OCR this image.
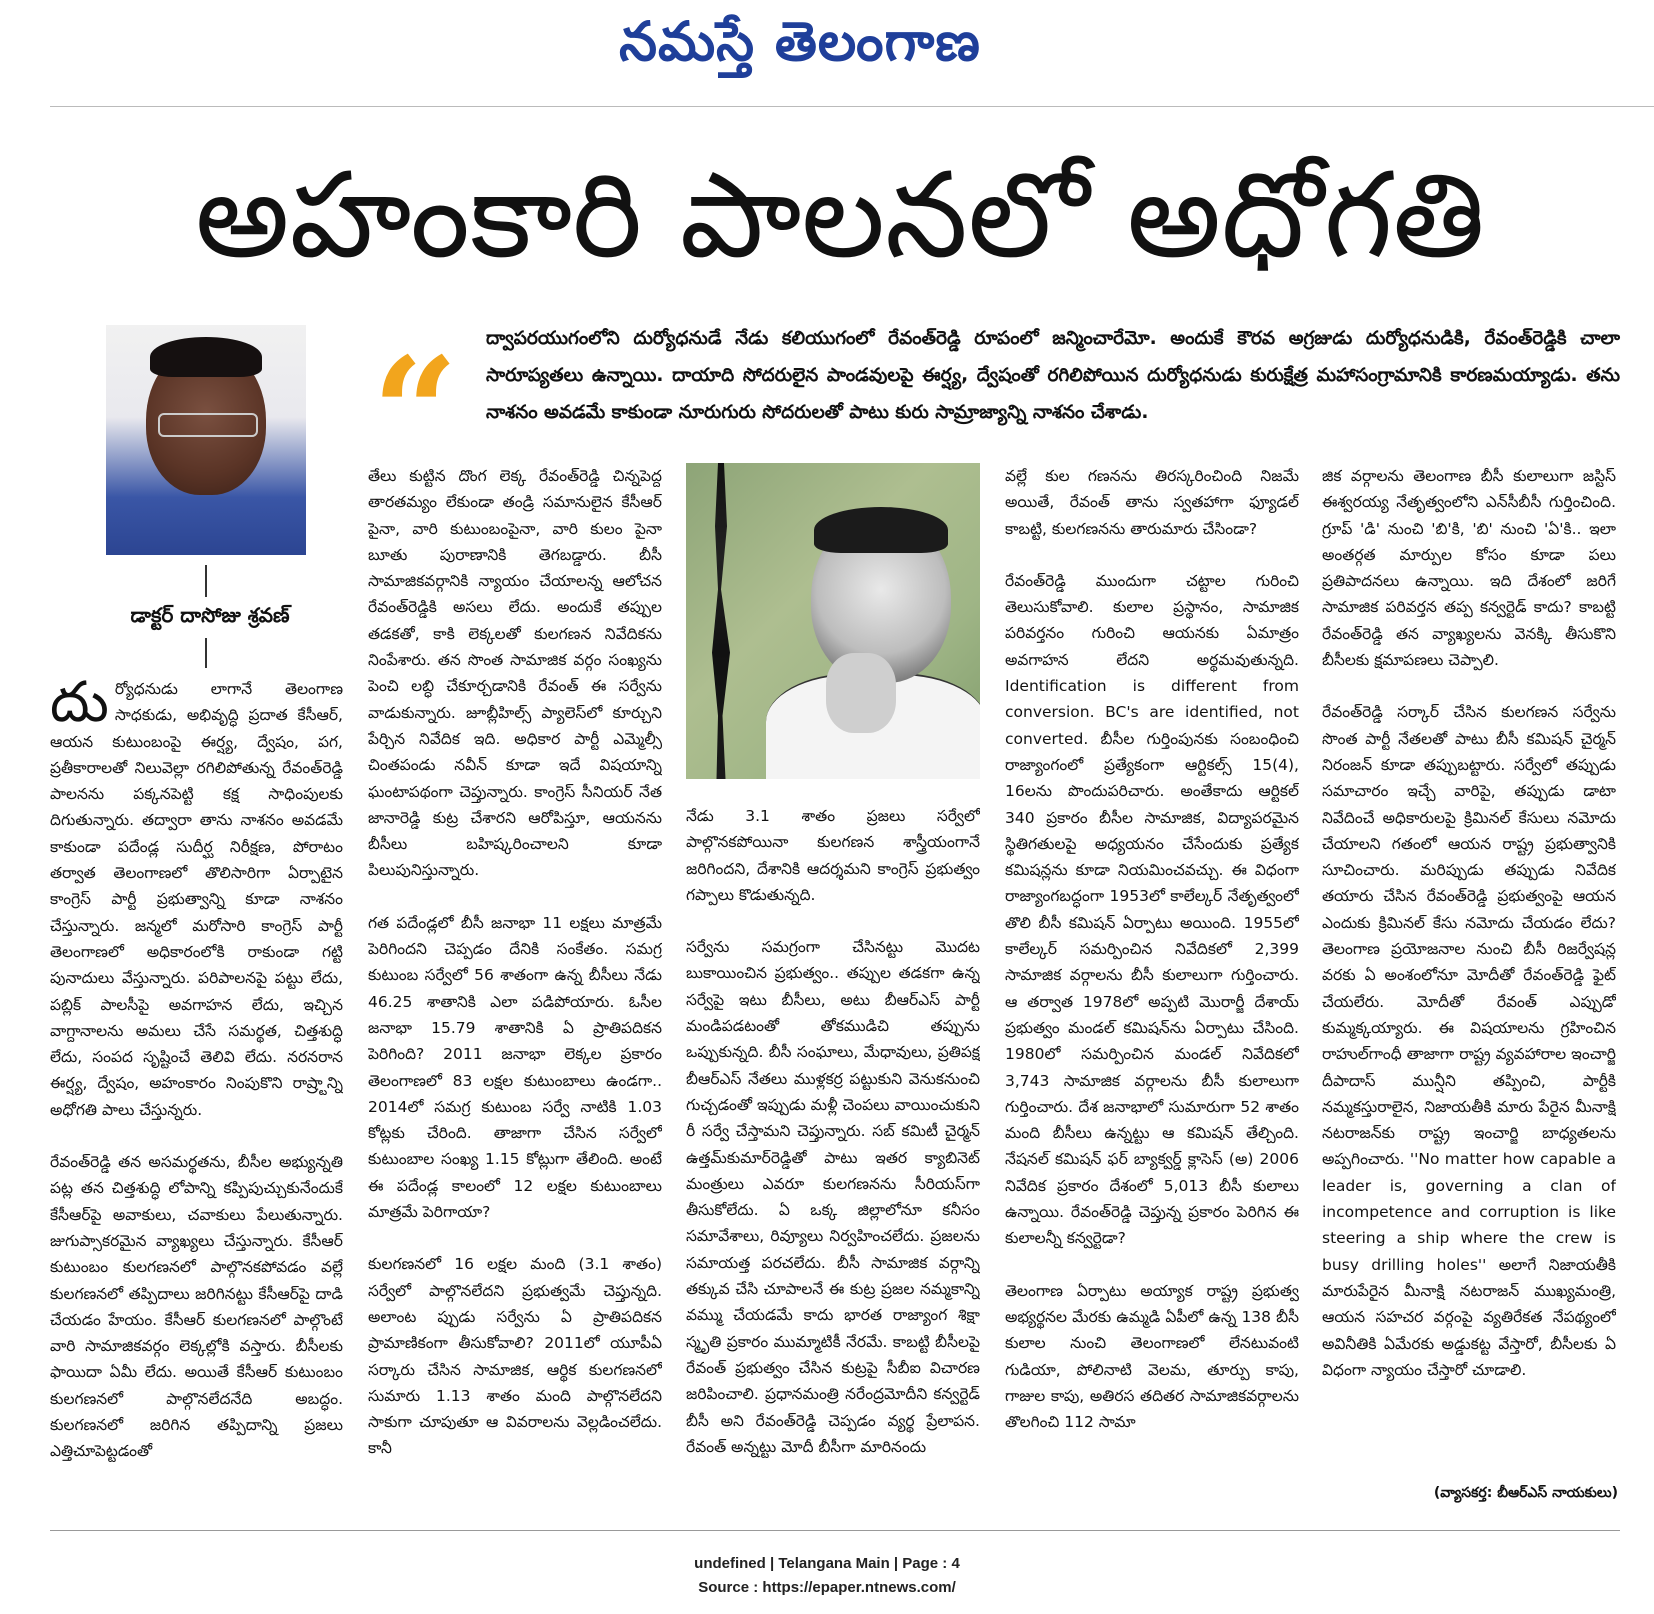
నమస్తే తెలంగాణ
అహంకారి పాలనలో అధోగతి
డాక్టర్ దాసోజు శ్రవణ్
“	ద్వాపరయుగంలోని దుర్యోధనుడే నేడు కలియుగంలో రేవంత్‌రెడ్డి రూపంలో జన్మించారేమో. అందుకే కౌరవ అగ్రజుడు దుర్యోధనుడికి, రేవంత్‌రెడ్డికి చాలా సారూప్యతలు ఉన్నాయి. దాయాది సోదరులైన పాండవులపై ఈర్ష్య, ద్వేషంతో రగిలిపోయిన దుర్యోధనుడు కురుక్షేత్ర మహాసంగ్రామానికి కారణమయ్యాడు. తను నాశనం అవడమే కాకుండా నూరుగురు సోదరులతో పాటు కురు సామ్రాజ్యాన్ని నాశనం చేశాడు.

దుర్యోధనుడు లాగానే తెలంగాణ సాధకుడు, అభివృద్ధి ప్రదాత కేసీఆర్, ఆయన కుటుంబంపై ఈర్ష్య, ద్వేషం, పగ, ప్రతీకారాలతో నిలువెల్లా రగిలిపోతున్న రేవంత్‌రెడ్డి పాలనను పక్కనపెట్టి కక్ష సాధింపులకు దిగుతున్నారు. తద్వారా తాను నాశనం అవడమే కాకుండా పదేండ్ల సుదీర్ఘ నిరీక్షణ, పోరాటం తర్వాత తెలంగాణలో తొలిసారిగా ఏర్పాటైన కాంగ్రెస్ పార్టీ ప్రభుత్వాన్ని కూడా నాశనం చేస్తున్నారు. జన్మలో మరోసారి కాంగ్రెస్ పార్టీ తెలంగాణలో అధికారంలోకి రాకుండా గట్టి పునాదులు వేస్తున్నారు. పరిపాలనపై పట్టు లేదు, పబ్లిక్ పాలసీపై అవగాహన లేదు, ఇచ్చిన వాగ్దానాలను అమలు చేసే సమర్థత, చిత్తశుద్ధి లేదు, సంపద సృష్టించే తెలివి లేదు. నరనరాన ఈర్ష్య, ద్వేషం, అహంకారం నింపుకొని రాష్ర్టాన్ని అధోగతి పాలు చేస్తున్నరు.

రేవంత్‌రెడ్డి తన అసమర్థతను, బీసీల అభ్యున్నతి పట్ల తన చిత్తశుద్ధి లోపాన్ని కప్పిపుచ్చుకునేందుకే కేసీఆర్‌పై అవాకులు, చవాకులు పేలుతున్నారు. జుగుప్సాకరమైన వ్యాఖ్యలు చేస్తున్నారు. కేసీఆర్ కుటుంబం కులగణనలో పాల్గొనకపోవడం వల్లే కులగణనలో తప్పిదాలు జరిగినట్టు కేసీఆర్‌పై దాడి చేయడం హేయం. కేసీఆర్ కులగణనలో పాల్గొంటే వారి సామాజికవర్గం లెక్కల్లోకి వస్తారు. బీసీలకు ఫాయిదా ఏమీ లేదు. అయితే కేసీఆర్ కుటుంబం కులగణనలో పాల్గొనలేదనేది అబద్ధం. కులగణనలో జరిగిన తప్పిదాన్ని ప్రజలు ఎత్తిచూపెట్టడంతో

తేలు కుట్టిన దొంగ లెక్క రేవంత్‌రెడ్డి చిన్నపెద్ద తారతమ్యం లేకుండా తండ్రి సమానులైన కేసీఆర్ పైనా, వారి కుటుంబంపైనా, వారి కులం పైనా బూతు పురాణానికి తెగబడ్డారు. బీసీ సామాజికవర్గానికి న్యాయం చేయాలన్న ఆలోచన రేవంత్‌రెడ్డికి అసలు లేదు. అందుకే తప్పుల తడకతో, కాకి లెక్కలతో కులగణన నివేదికను నింపేశారు. తన సొంత సామాజిక వర్గం సంఖ్యను పెంచి లబ్ధి చేకూర్చడానికి రేవంత్ ఈ సర్వేను వాడుకున్నారు. జూబ్లీహిల్స్ ప్యాలెస్‌లో కూర్చుని పేర్చిన నివేదిక ఇది. అధికార పార్టీ ఎమ్మెల్సీ చింతపండు నవీన్ కూడా ఇదే విషయాన్ని ఘంటాపథంగా చెప్తున్నారు. కాంగ్రెస్ సీనియర్ నేత జానారెడ్డి కుట్ర చేశారని ఆరోపిస్తూ, ఆయనను బీసీలు బహిష్కరించాలని కూడా పిలుపునిస్తున్నారు.

గత పదేండ్లలో బీసీ జనాభా 11 లక్షలు మాత్రమే పెరిగిందని చెప్పడం దేనికి సంకేతం. సమగ్ర కుటుంబ సర్వేలో 56 శాతంగా ఉన్న బీసీలు నేడు 46.25 శాతానికి ఎలా పడిపోయారు. ఓసీల జనాభా 15.79 శాతానికి ఏ ప్రాతిపదికన పెరిగింది? 2011 జనాభా లెక్కల ప్రకారం తెలంగాణలో 83 లక్షల కుటుంబాలు ఉండగా.. 2014లో సమగ్ర కుటుంబ సర్వే నాటికి 1.03 కోట్లకు చేరింది. తాజాగా చేసిన సర్వేలో కుటుంబాల సంఖ్య 1.15 కోట్లుగా తేలింది. అంటే ఈ పదేండ్ల కాలంలో 12 లక్షల కుటుంబాలు మాత్రమే పెరిగాయా?

కులగణనలో 16 లక్షల మంది (3.1 శాతం) సర్వేలో పాల్గొనలేదని ప్రభుత్వమే చెప్తున్నది. అలాంట ప్పుడు సర్వేను ఏ ప్రాతిపదికన ప్రామాణికంగా తీసుకోవాలి? 2011లో యూపీఏ సర్కారు చేసిన సామాజిక, ఆర్థిక కులగణనలో సుమారు 1.13 శాతం మంది పాల్గొనలేదని సాకుగా చూపుతూ ఆ వివరాలను వెల్లడించలేదు. కానీ

నేడు 3.1 శాతం ప్రజలు సర్వేలో పాల్గొనకపోయినా కులగణన శాస్త్రీయంగానే జరిగిందని, దేశానికి ఆదర్శమని కాంగ్రెస్ ప్రభుత్వం గప్పాలు కొడుతున్నది.

సర్వేను సమగ్రంగా చేసినట్టు మొదట బుకాయించిన ప్రభుత్వం.. తప్పుల తడకగా ఉన్న సర్వేపై ఇటు బీసీలు, అటు బీఆర్‌ఎస్ పార్టీ మండిపడటంతో తోకముడిచి తప్పును ఒప్పుకున్నది. బీసీ సంఘాలు, మేధావులు, ప్రతిపక్ష బీఆర్‌ఎస్ నేతలు ముళ్లకర్ర పట్టుకుని వెనుకనుంచి గుచ్చడంతో ఇప్పుడు మళ్లీ చెంపలు వాయించుకుని రీ సర్వే చేస్తామని చెప్తున్నారు. సబ్ కమిటీ చైర్మన్ ఉత్తమ్‌కుమార్‌రెడ్డితో పాటు ఇతర క్యాబినెట్ మంత్రులు ఎవరూ కులగణనను సీరియస్‌గా తీసుకోలేదు. ఏ ఒక్క జిల్లాలోనూ కనీసం సమావేశాలు, రివ్యూలు నిర్వహించలేదు. ప్రజలను సమాయత్త పరచలేదు. బీసీ సామాజిక వర్గాన్ని తక్కువ చేసి చూపాలనే ఈ కుట్ర ప్రజల నమ్మకాన్ని వమ్ము చేయడమే కాదు భారత రాజ్యాంగ శిక్షా స్మృతి ప్రకారం ముమ్మాటికీ నేరమే. కాబట్టి బీసీలపై రేవంత్ ప్రభుత్వం చేసిన కుట్రపై సీబీఐ విచారణ జరిపించాలి. ప్రధానమంత్రి నరేంద్రమోదీని కన్వర్టెడ్ బీసీ అని రేవంత్‌రెడ్డి చెప్పడం వ్యర్థ ప్రేలాపన. రేవంత్ అన్నట్టు మోదీ బీసీగా మారినందు

వల్లే కుల గణనను తిరస్కరించింది నిజమే అయితే, రేవంత్ తాను స్వతహాగా ఫ్యూడల్ కాబట్టి, కులగణనను తారుమారు చేసిండా?

రేవంత్‌రెడ్డి ముందుగా చట్టాల గురించి తెలుసుకోవాలి. కులాల ప్రస్థానం, సామాజిక పరివర్తనం గురించి ఆయనకు ఏమాత్రం అవగాహన లేదని అర్థమవుతున్నది. Identification is different from conversion. BC's are identified, not converted. బీసీల గుర్తింపునకు సంబంధించి రాజ్యాంగంలో ప్రత్యేకంగా ఆర్టికల్స్ 15(4), 16లను పొందుపరిచారు. అంతేకాదు ఆర్టికల్ 340 ప్రకారం బీసీల సామాజిక, విద్యాపరమైన స్థితిగతులపై అధ్యయనం చేసేందుకు ప్రత్యేక కమిషన్లను కూడా నియమించవచ్చు. ఈ విధంగా రాజ్యాంగబద్ధంగా 1953లో కాలేల్కర్ నేతృత్వంలో తొలి బీసీ కమిషన్ ఏర్పాటు అయింది. 1955లో కాలేల్కర్ సమర్పించిన నివేదికలో 2,399 సామాజిక వర్గాలను బీసీ కులాలుగా గుర్తించారు. ఆ తర్వాత 1978లో అప్పటి మొరార్జీ దేశాయ్ ప్రభుత్వం మండల్ కమిషన్‌ను ఏర్పాటు చేసింది. 1980లో సమర్పించిన మండల్ నివేదికలో 3,743 సామాజిక వర్గాలను బీసీ కులాలుగా గుర్తించారు. దేశ జనాభాలో సుమారుగా 52 శాతం మంది బీసీలు ఉన్నట్టు ఆ కమిషన్ తేల్చింది. నేషనల్ కమిషన్ ఫర్ బ్యాక్వర్డ్ క్లాసెస్ (అ) 2006 నివేదిక ప్రకారం దేశంలో 5,013 బీసీ కులాలు ఉన్నాయి. రేవంత్‌రెడ్డి చెప్తున్న ప్రకారం పెరిగిన ఈ కులాలన్నీ కన్వర్టెడా?

తెలంగాణ ఏర్పాటు అయ్యాక రాష్ట్ర ప్రభుత్వ అభ్యర్థనల మేరకు ఉమ్మడి ఏపీలో ఉన్న 138 బీసీ కులాల నుంచి తెలంగాణలో లేనటువంటి గుడియా, పోలినాటి వెలమ, తూర్పు కాపు, గాజుల కాపు, అతిరస తదితర సామాజికవర్గాలను తొలగించి 112 సామా

జిక వర్గాలను తెలంగాణ బీసీ కులాలుగా జస్టిస్ ఈశ్వరయ్య నేతృత్వంలోని ఎన్‌సీబీసీ గుర్తించింది. గ్రూప్ 'డి' నుంచి 'బి'కి, 'బి' నుంచి 'ఏ'కి.. ఇలా అంతర్గత మార్పుల కోసం కూడా పలు ప్రతిపాదనలు ఉన్నాయి. ఇది దేశంలో జరిగే సామాజిక పరివర్తన తప్ప కన్వర్టెడ్ కాదు? కాబట్టి రేవంత్‌రెడ్డి తన వ్యాఖ్యలను వెనక్కి తీసుకొని బీసీలకు క్షమాపణలు చెప్పాలి.

రేవంత్‌రెడ్డి సర్కార్ చేసిన కులగణన సర్వేను సొంత పార్టీ నేతలతో పాటు బీసీ కమిషన్ చైర్మన్ నిరంజన్ కూడా తప్పుబట్టారు. సర్వేలో తప్పుడు సమాచారం ఇచ్చే వారిపై, తప్పుడు డాటా నివేదించే అధికారులపై క్రిమినల్ కేసులు నమోదు చేయాలని గతంలో ఆయన రాష్ట్ర ప్రభుత్వానికి సూచించారు. మరిప్పుడు తప్పుడు నివేదిక తయారు చేసిన రేవంత్‌రెడ్డి ప్రభుత్వంపై ఆయన ఎందుకు క్రిమినల్ కేసు నమోదు చేయడం లేదు? తెలంగాణ ప్రయోజనాల నుంచి బీసీ రిజర్వేషన్ల వరకు ఏ అంశంలోనూ మోదీతో రేవంత్‌రెడ్డి ఫైట్ చేయలేరు. మోదీతో రేవంత్ ఎప్పుడో కుమ్మక్కయ్యారు. ఈ విషయాలను గ్రహించిన రాహుల్‌గాంధీ తాజాగా రాష్ట్ర వ్యవహారాల ఇంచార్జి దీపాదాస్ మున్షీని తప్పించి, పార్టీకి నమ్మకస్తురాలైన, నిజాయతీకి మారు పేరైన మీనాక్షి నటరాజన్‌కు రాష్ట్ర ఇంచార్జి బాధ్యతలను అప్పగించారు. ''No matter how capable a leader is, governing a clan of incompetence and corruption is like steering a ship where the crew is busy drilling holes'' అలాగే నిజాయతీకి మారుపేరైన మీనాక్షి నటరాజన్ ముఖ్యమంత్రి, ఆయన సహచర వర్గంపై వ్యతిరేకత నేపథ్యంలో అవినీతికి ఏమేరకు అడ్డుకట్ట వేస్తారో, బీసీలకు ఏ విధంగా న్యాయం చేస్తారో చూడాలి.

(వ్యాసకర్త: బీఆర్‌ఎస్ నాయకులు)
undefined | Telangana Main | Page : 4
Source : https://epaper.ntnews.com/
